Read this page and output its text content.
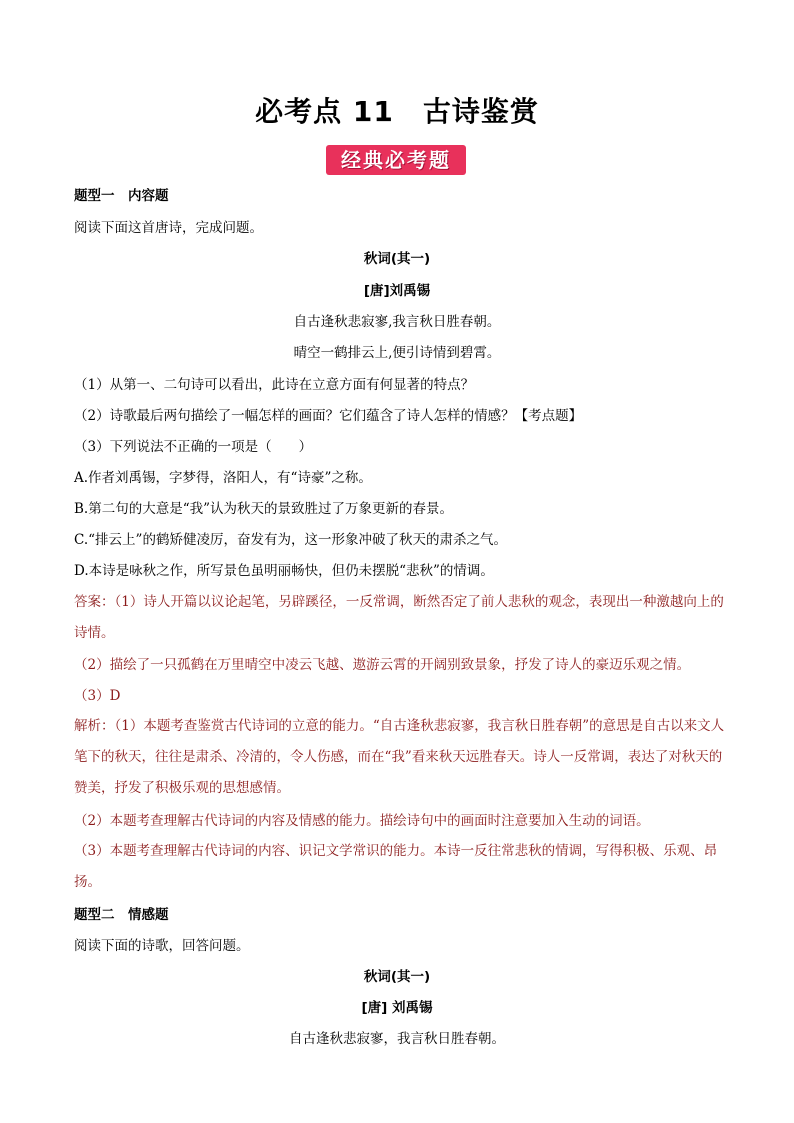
必考点 11　古诗鉴赏
经典必考题
题型一　内容题
阅读下面这首唐诗，完成问题。
秋词(其一)
[唐]刘禹锡
自古逢秋悲寂寥,我言秋日胜春朝。
晴空一鹤排云上,便引诗情到碧霄。
（1）从第一、二句诗可以看出，此诗在立意方面有何显著的特点？
（2）诗歌最后两句描绘了一幅怎样的画面？它们蕴含了诗人怎样的情感？【考点题】
（3）下列说法不正确的一项是（　　）
A.作者刘禹锡，字梦得，洛阳人，有“诗豪”之称。
B.第二句的大意是“我”认为秋天的景致胜过了万象更新的春景。
C.“排云上”的鹤矫健凌厉，奋发有为，这一形象冲破了秋天的肃杀之气。
D.本诗是咏秋之作，所写景色虽明丽畅快，但仍未摆脱“悲秋”的情调。
答案：（1）诗人开篇以议论起笔，另辟蹊径，一反常调，断然否定了前人悲秋的观念，表现出一种激越向上的诗情。
（2）描绘了一只孤鹤在万里晴空中凌云飞越、遨游云霄的开阔别致景象，抒发了诗人的豪迈乐观之情。
（3）D
解析：（1）本题考查鉴赏古代诗词的立意的能力。“自古逢秋悲寂寥，我言秋日胜春朝”的意思是自古以来文人笔下的秋天，往往是肃杀、冷清的，令人伤感，而在“我”看来秋天远胜春天。诗人一反常调，表达了对秋天的赞美，抒发了积极乐观的思想感情。
（2）本题考查理解古代诗词的内容及情感的能力。描绘诗句中的画面时注意要加入生动的词语。
（3）本题考查理解古代诗词的内容、识记文学常识的能力。本诗一反往常悲秋的情调，写得积极、乐观、昂扬。
题型二　情感题
阅读下面的诗歌，回答问题。
秋词(其一)
[唐] 刘禹锡
自古逢秋悲寂寥，我言秋日胜春朝。
